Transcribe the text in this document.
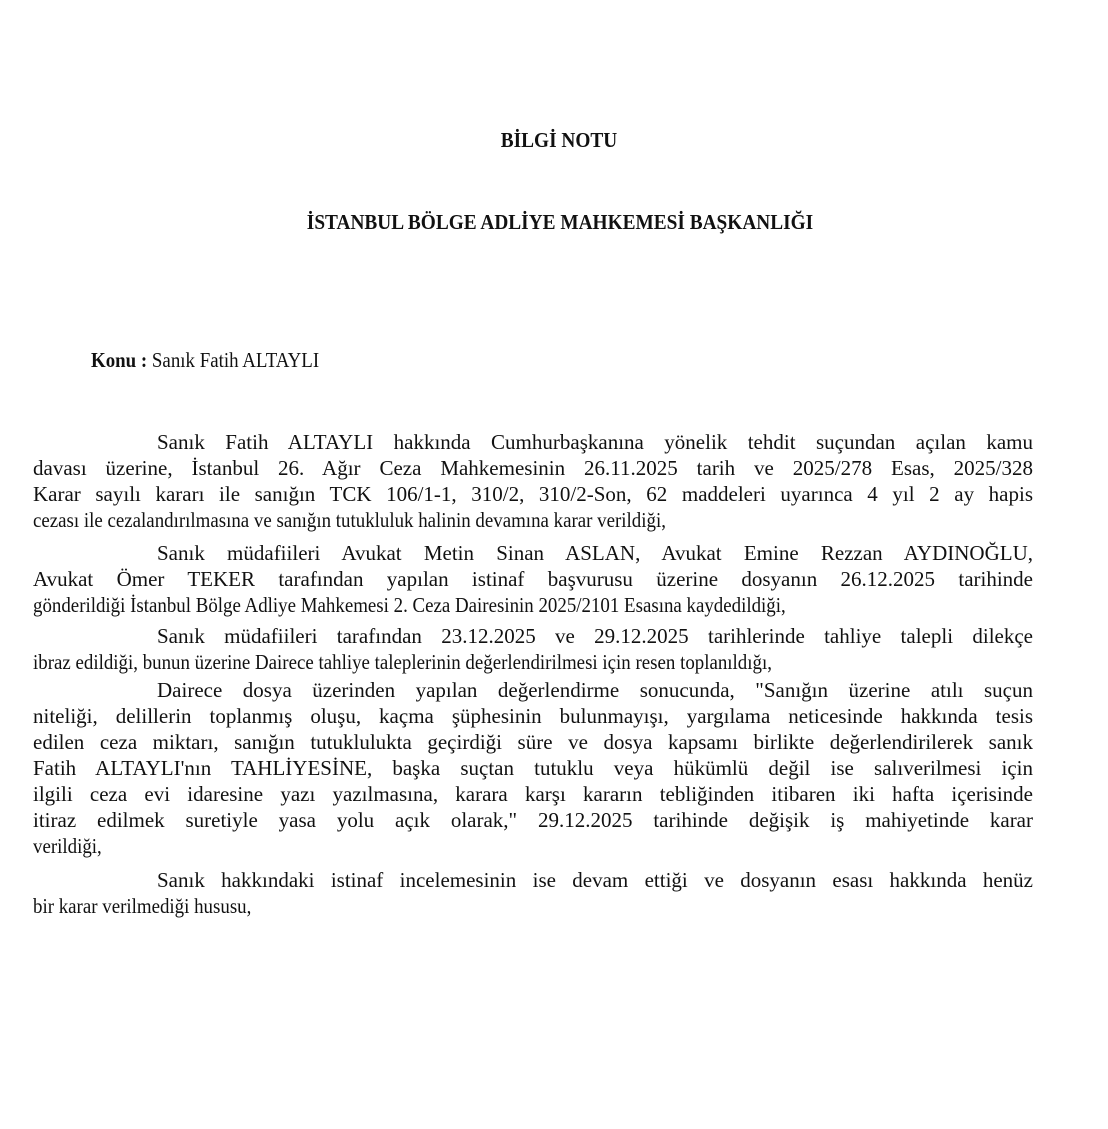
BİLGİ NOTU
İSTANBUL BÖLGE ADLİYE MAHKEMESİ BAŞKANLIĞI
Konu : Sanık Fatih ALTAYLI
Sanık Fatih ALTAYLI hakkında Cumhurbaşkanına yönelik tehdit suçundan açılan kamu
davası üzerine, İstanbul 26. Ağır Ceza Mahkemesinin 26.11.2025 tarih ve 2025/278 Esas, 2025/328
Karar sayılı kararı ile sanığın TCK 106/1-1, 310/2, 310/2-Son, 62 maddeleri uyarınca 4 yıl 2 ay hapis
cezası ile cezalandırılmasına ve sanığın tutukluluk halinin devamına karar verildiği,
Sanık müdafiileri Avukat Metin Sinan ASLAN, Avukat Emine Rezzan AYDINOĞLU,
Avukat Ömer TEKER tarafından yapılan istinaf başvurusu üzerine dosyanın 26.12.2025 tarihinde
gönderildiği İstanbul Bölge Adliye Mahkemesi 2. Ceza Dairesinin 2025/2101 Esasına kaydedildiği,
Sanık müdafiileri tarafından 23.12.2025 ve 29.12.2025 tarihlerinde tahliye talepli dilekçe
ibraz edildiği, bunun üzerine Dairece tahliye taleplerinin değerlendirilmesi için resen toplanıldığı,
Dairece dosya üzerinden yapılan değerlendirme sonucunda, "Sanığın üzerine atılı suçun
niteliği, delillerin toplanmış oluşu, kaçma şüphesinin bulunmayışı, yargılama neticesinde hakkında tesis
edilen ceza miktarı, sanığın tutuklulukta geçirdiği süre ve dosya kapsamı birlikte değerlendirilerek sanık
Fatih ALTAYLI'nın TAHLİYESİNE, başka suçtan tutuklu veya hükümlü değil ise salıverilmesi için
ilgili ceza evi idaresine yazı yazılmasına, karara karşı kararın tebliğinden itibaren iki hafta içerisinde
itiraz edilmek suretiyle yasa yolu açık olarak," 29.12.2025 tarihinde değişik iş mahiyetinde karar
verildiği,
Sanık hakkındaki istinaf incelemesinin ise devam ettiği ve dosyanın esası hakkında henüz
bir karar verilmediği hususu,
